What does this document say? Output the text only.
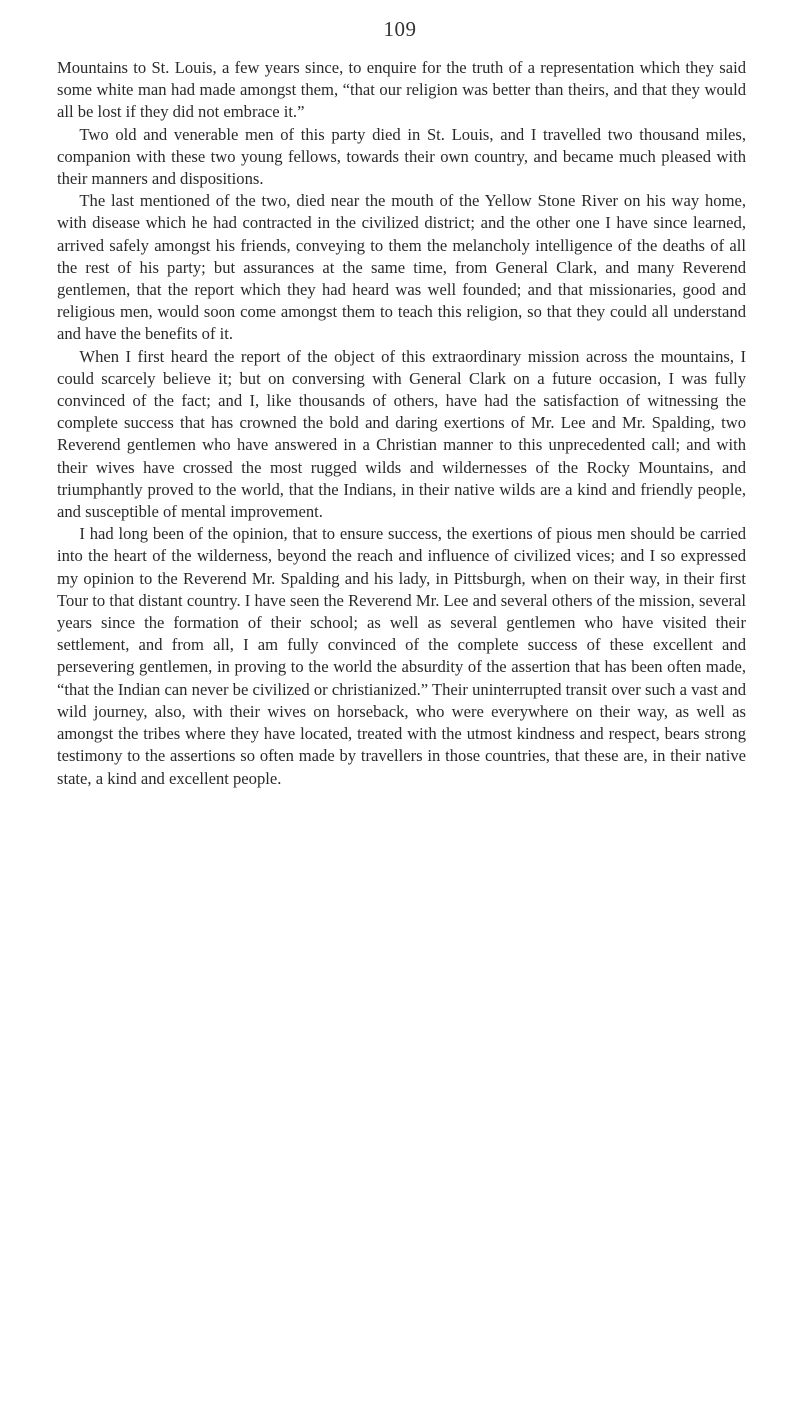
109

Mountains to St. Louis, a few years since, to enquire for the truth of a representation which they said some white man had made amongst them, “that our religion was better than theirs, and that they would all be lost if they did not embrace it.”

Two old and venerable men of this party died in St. Louis, and I travelled two thousand miles, companion with these two young fellows, towards their own country, and became much pleased with their manners and dispositions.

The last mentioned of the two, died near the mouth of the Yellow Stone River on his way home, with disease which he had contracted in the civilized district; and the other one I have since learned, arrived safely amongst his friends, conveying to them the melancholy intelligence of the deaths of all the rest of his party; but assurances at the same time, from General Clark, and many Reverend gentlemen, that the report which they had heard was well founded; and that missionaries, good and religious men, would soon come amongst them to teach this religion, so that they could all understand and have the benefits of it.

When I first heard the report of the object of this extraordinary mission across the mountains, I could scarcely believe it; but on conversing with General Clark on a future occasion, I was fully convinced of the fact; and I, like thousands of others, have had the satisfaction of witnessing the complete success that has crowned the bold and daring exertions of Mr. Lee and Mr. Spalding, two Reverend gentlemen who have answered in a Christian manner to this unprecedented call; and with their wives have crossed the most rugged wilds and wildernesses of the Rocky Mountains, and triumphantly proved to the world, that the Indians, in their native wilds are a kind and friendly people, and susceptible of mental improvement.

I had long been of the opinion, that to ensure success, the exertions of pious men should be carried into the heart of the wilderness, beyond the reach and influence of civilized vices; and I so expressed my opinion to the Reverend Mr. Spalding and his lady, in Pittsburgh, when on their way, in their first Tour to that distant country. I have seen the Reverend Mr. Lee and several others of the mission, several years since the formation of their school; as well as several gentlemen who have visited their settlement, and from all, I am fully convinced of the complete success of these excellent and persevering gentlemen, in proving to the world the absurdity of the assertion that has been often made, “that the Indian can never be civilized or christianized.” Their uninterrupted transit over such a vast and wild journey, also, with their wives on horseback, who were everywhere on their way, as well as amongst the tribes where they have located, treated with the utmost kindness and respect, bears strong testimony to the assertions so often made by travellers in those countries, that these are, in their native state, a kind and excellent people.
